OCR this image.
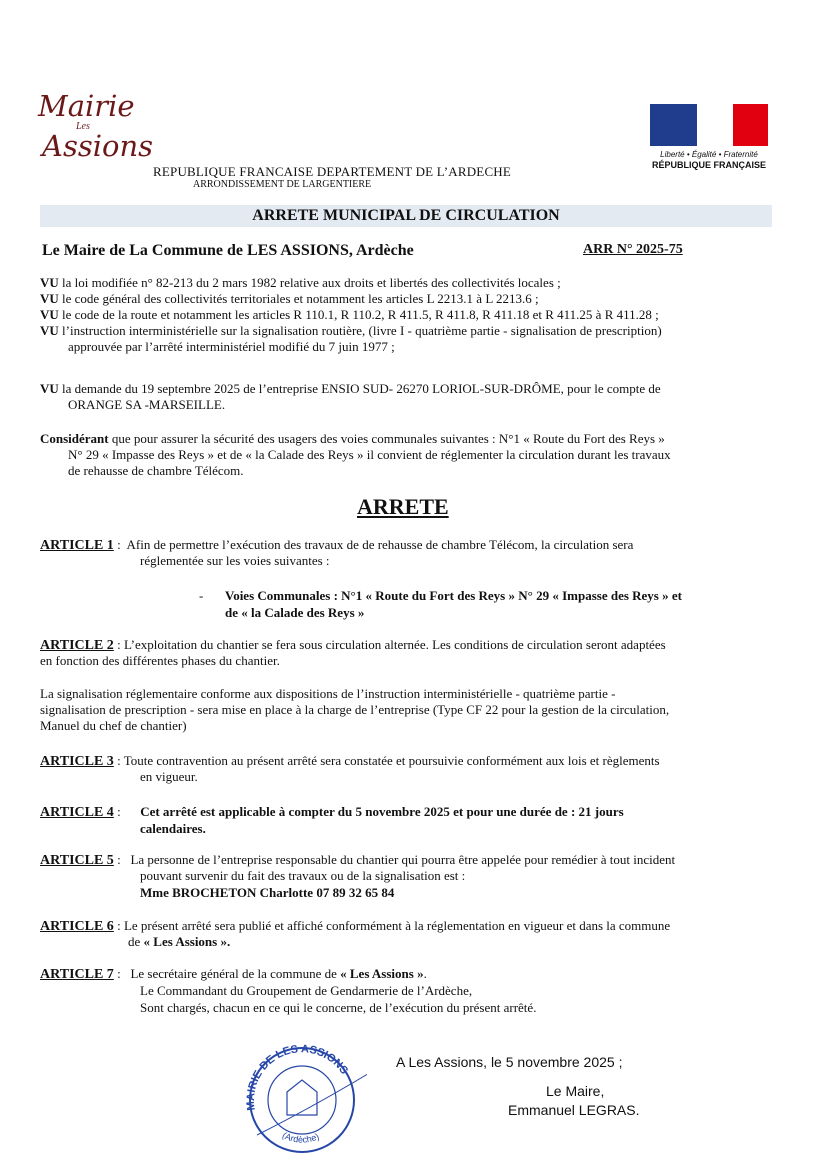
Mairie
Les
Assions
REPUBLIQUE FRANCAISE DEPARTEMENT DE L’ARDECHE
ARRONDISSEMENT DE LARGENTIERE
Liberté • Égalité • Fraternité
RÉPUBLIQUE FRANÇAISE
ARRETE MUNICIPAL DE CIRCULATION
Le Maire de La Commune de LES ASSIONS, Ardèche	ARR N° 2025-75
VU la loi modifiée n° 82-213 du 2 mars 1982 relative aux droits et libertés des collectivités locales ;
VU le code général des collectivités territoriales et notamment les articles L 2213.1 à L 2213.6 ;
VU le code de la route et notamment les articles R 110.1, R 110.2, R 411.5, R 411.8, R 411.18 et R 411.25 à R 411.28 ;
VU l’instruction interministérielle sur la signalisation routière, (livre I - quatrième partie - signalisation de prescription)
approuvée par l’arrêté interministériel modifié du 7 juin 1977 ;
VU la demande du 19 septembre 2025 de l’entreprise ENSIO SUD- 26270 LORIOL-SUR-DRÔME, pour le compte de
ORANGE SA -MARSEILLE.
Considérant que pour assurer la sécurité des usagers des voies communales suivantes : N°1 « Route du Fort des Reys »
N° 29 « Impasse des Reys » et de « la Calade des Reys » il convient de réglementer la circulation durant les travaux
de rehausse de chambre Télécom.
ARRETE
ARTICLE 1 : Afin de permettre l’exécution des travaux de de rehausse de chambre Télécom, la circulation sera
réglementée sur les voies suivantes :
- Voies Communales : N°1 « Route du Fort des Reys » N° 29 « Impasse des Reys » et
de « la Calade des Reys »
ARTICLE 2 : L’exploitation du chantier se fera sous circulation alternée. Les conditions de circulation seront adaptées
en fonction des différentes phases du chantier.
La signalisation réglementaire conforme aux dispositions de l’instruction interministérielle - quatrième partie -
signalisation de prescription - sera mise en place à la charge de l’entreprise (Type CF 22 pour la gestion de la circulation,
Manuel du chef de chantier)
ARTICLE 3 : Toute contravention au présent arrêté sera constatée et poursuivie conformément aux lois et règlements
en vigueur.
ARTICLE 4 : Cet arrêté est applicable à compter du 5 novembre 2025 et pour une durée de : 21 jours
calendaires.
ARTICLE 5 : La personne de l’entreprise responsable du chantier qui pourra être appelée pour remédier à tout incident
pouvant survenir du fait des travaux ou de la signalisation est :
Mme BROCHETON Charlotte 07 89 32 65 84
ARTICLE 6 : Le présent arrêté sera publié et affiché conformément à la réglementation en vigueur et dans la commune
de « Les Assions ».
ARTICLE 7 : Le secrétaire général de la commune de « Les Assions ».
Le Commandant du Groupement de Gendarmerie de l’Ardèche,
Sont chargés, chacun en ce qui le concerne, de l’exécution du présent arrêté.
MAIRIE DE LES ASSIONS
(Ardèche)
A Les Assions, le 5 novembre 2025 ;
Le Maire,
Emmanuel LEGRAS.
